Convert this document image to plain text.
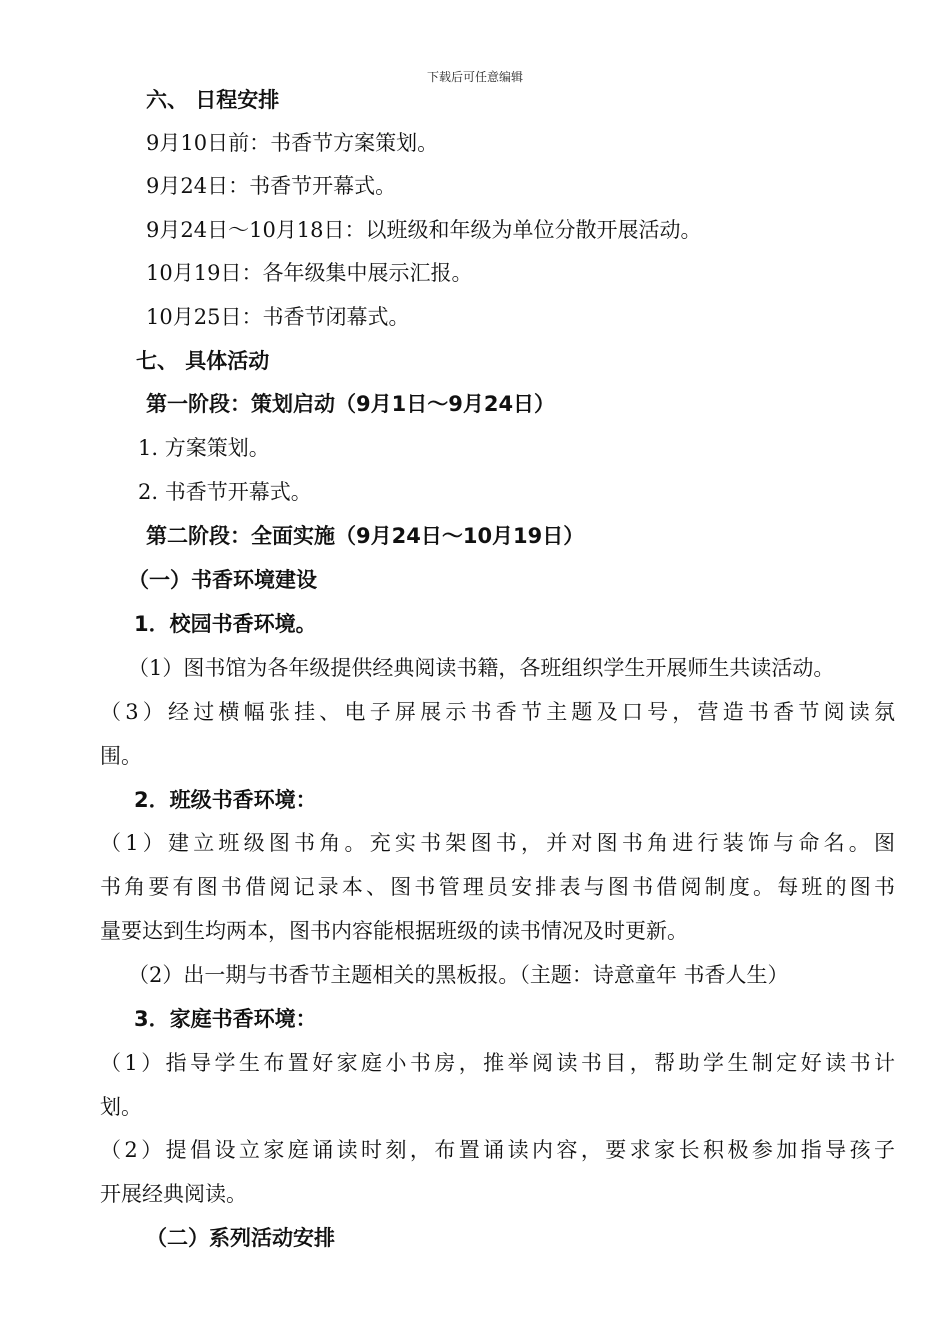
下载后可任意编辑
六、 日程安排
9月10日前：书香节方案策划。
9月24日：书香节开幕式。
9月24日～10月18日：以班级和年级为单位分散开展活动。
10月19日：各年级集中展示汇报。
10月25日：书香节闭幕式。
七、 具体活动
第一阶段：策划启动（9月1日～9月24日）
1. 方案策划。
2. 书香节开幕式。
第二阶段：全面实施（9月24日～10月19日）
（一）书香环境建设
1．校园书香环境。
（1）图书馆为各年级提供经典阅读书籍，各班组织学生开展师生共读活动。
（3）经过横幅张挂、电子屏展示书香节主题及口号，营造书香节阅读氛
围。
2．班级书香环境：
（1）建立班级图书角。充实书架图书，并对图书角进行装饰与命名。图
书角要有图书借阅记录本、图书管理员安排表与图书借阅制度。每班的图书
量要达到生均两本，图书内容能根据班级的读书情况及时更新。
（2）出一期与书香节主题相关的黑板报。（主题：诗意童年 书香人生）
3．家庭书香环境：
（1）指导学生布置好家庭小书房，推举阅读书目，帮助学生制定好读书计
划。
（2）提倡设立家庭诵读时刻，布置诵读内容，要求家长积极参加指导孩子
开展经典阅读。
（二）系列活动安排
